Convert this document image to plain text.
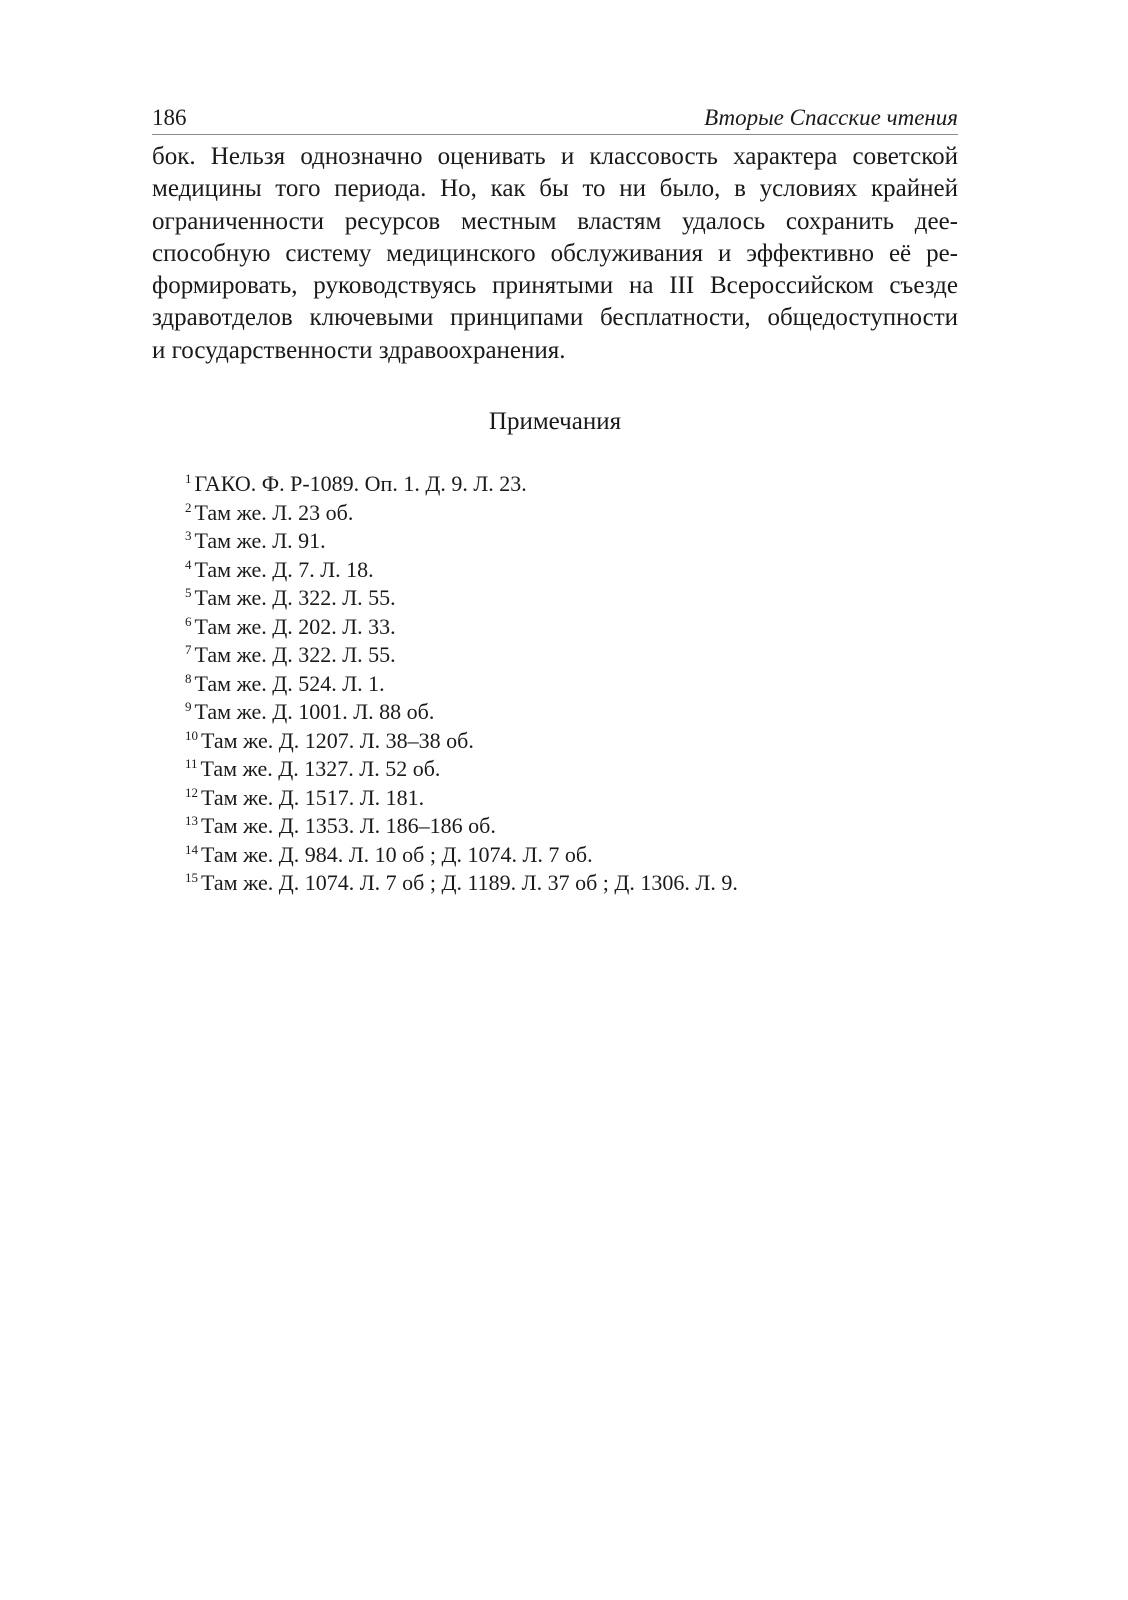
186	Вторые Спасские чтения
бок. Нельзя однозначно оценивать и классовость характера советской
медицины того периода. Но, как бы то ни было, в условиях крайней
ограниченности ресурсов местным властям удалось сохранить дее-
способную систему медицинского обслуживания и эффективно её ре-
формировать, руководствуясь принятыми на III Всероссийском съезде
здравотделов ключевыми принципами бесплатности, общедоступности
и государственности здравоохранения.
Примечания
$^1$ ГАКО. Ф. Р-1089. Оп. 1. Д. 9. Л. 23.
$^2$ Там же. Л. 23 об.
$^3$ Там же. Л. 91.
$^4$ Там же. Д. 7. Л. 18.
$^5$ Там же. Д. 322. Л. 55.
$^6$ Там же. Д. 202. Л. 33.
$^7$ Там же. Д. 322. Л. 55.
$^8$ Там же. Д. 524. Л. 1.
$^9$ Там же. Д. 1001. Л. 88 об.
$^{10}$ Там же. Д. 1207. Л. 38–38 об.
$^{11}$ Там же. Д. 1327. Л. 52 об.
$^{12}$ Там же. Д. 1517. Л. 181.
$^{13}$ Там же. Д. 1353. Л. 186–186 об.
$^{14}$ Там же. Д. 984. Л. 10 об ; Д. 1074. Л. 7 об.
$^{15}$ Там же. Д. 1074. Л. 7 об ; Д. 1189. Л. 37 об ; Д. 1306. Л. 9.
